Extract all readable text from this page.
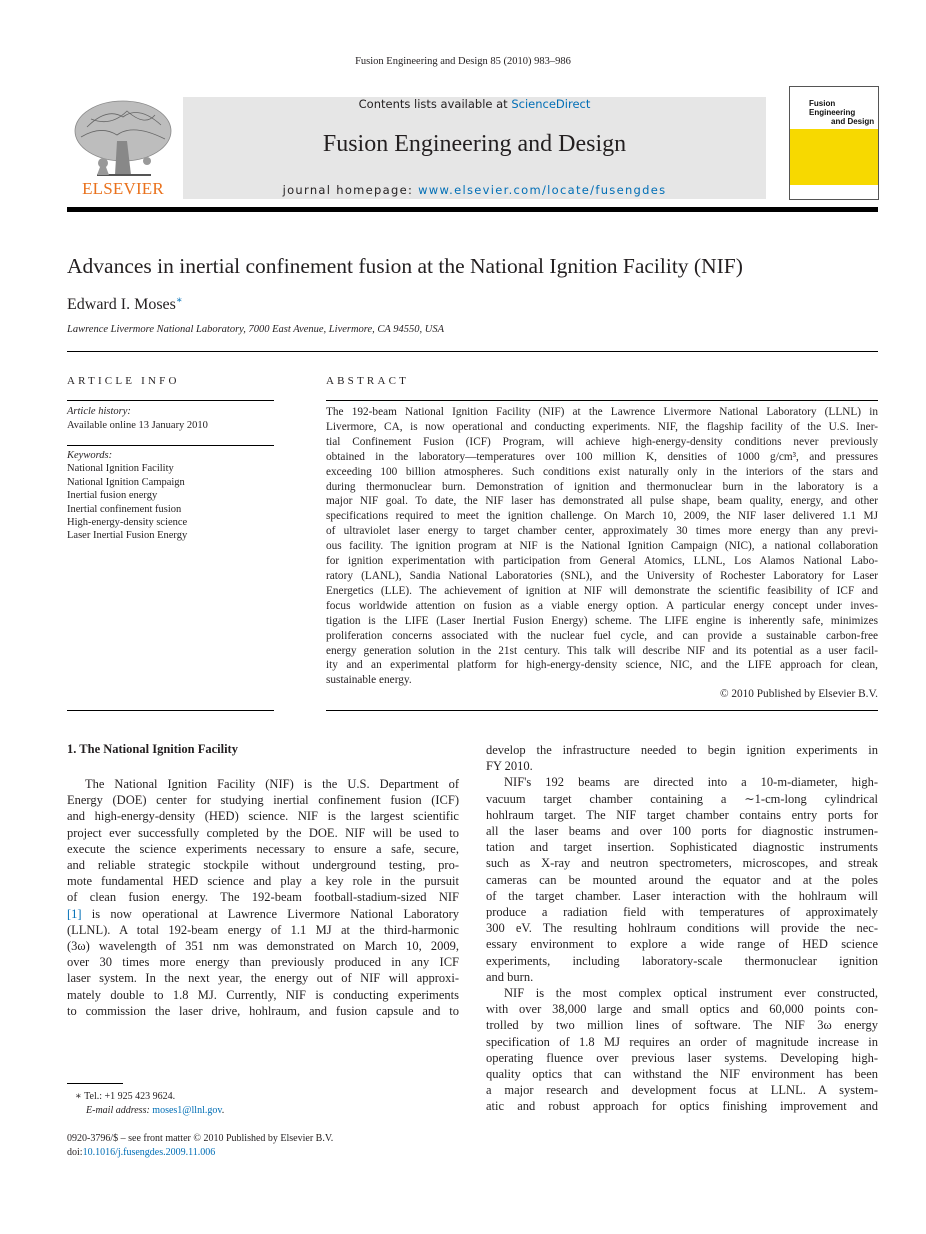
Fusion Engineering and Design 85 (2010) 983–986
ELSEVIER
Contents lists available at ScienceDirect
Fusion Engineering and Design
journal homepage: www.elsevier.com/locate/fusengdes
Fusion Engineering
and Design
Advances in inertial confinement fusion at the National Ignition Facility (NIF)
Edward I. Moses∗
Lawrence Livermore National Laboratory, 7000 East Avenue, Livermore, CA 94550, USA
ARTICLE INFO	ABSTRACT
Article history:
Available online 13 January 2010
Keywords:
National Ignition Facility
National Ignition Campaign
Inertial fusion energy
Inertial confinement fusion
High-energy-density science
Laser Inertial Fusion Energy
The 192-beam National Ignition Facility (NIF) at the Lawrence Livermore National Laboratory (LLNL) in
Livermore, CA, is now operational and conducting experiments. NIF, the flagship facility of the U.S. Iner-
tial Confinement Fusion (ICF) Program, will achieve high-energy-density conditions never previously
obtained in the laboratory—temperatures over 100 million K, densities of 1000 g/cm³, and pressures
exceeding 100 billion atmospheres. Such conditions exist naturally only in the interiors of the stars and
during thermonuclear burn. Demonstration of ignition and thermonuclear burn in the laboratory is a
major NIF goal. To date, the NIF laser has demonstrated all pulse shape, beam quality, energy, and other
specifications required to meet the ignition challenge. On March 10, 2009, the NIF laser delivered 1.1 MJ
of ultraviolet laser energy to target chamber center, approximately 30 times more energy than any previ-
ous facility. The ignition program at NIF is the National Ignition Campaign (NIC), a national collaboration
for ignition experimentation with participation from General Atomics, LLNL, Los Alamos National Labo-
ratory (LANL), Sandia National Laboratories (SNL), and the University of Rochester Laboratory for Laser
Energetics (LLE). The achievement of ignition at NIF will demonstrate the scientific feasibility of ICF and
focus worldwide attention on fusion as a viable energy option. A particular energy concept under inves-
tigation is the LIFE (Laser Inertial Fusion Energy) scheme. The LIFE engine is inherently safe, minimizes
proliferation concerns associated with the nuclear fuel cycle, and can provide a sustainable carbon-free
energy generation solution in the 21st century. This talk will describe NIF and its potential as a user facil-
ity and an experimental platform for high-energy-density science, NIC, and the LIFE approach for clean,
sustainable energy.
© 2010 Published by Elsevier B.V.
1. The National Ignition Facility
The National Ignition Facility (NIF) is the U.S. Department of
Energy (DOE) center for studying inertial confinement fusion (ICF)
and high-energy-density (HED) science. NIF is the largest scientific
project ever successfully completed by the DOE. NIF will be used to
execute the science experiments necessary to ensure a safe, secure,
and reliable strategic stockpile without underground testing, pro-
mote fundamental HED science and play a key role in the pursuit
of clean fusion energy. The 192-beam football-stadium-sized NIF
[1] is now operational at Lawrence Livermore National Laboratory
(LLNL). A total 192-beam energy of 1.1 MJ at the third-harmonic
(3ω) wavelength of 351 nm was demonstrated on March 10, 2009,
over 30 times more energy than previously produced in any ICF
laser system. In the next year, the energy out of NIF will approxi-
mately double to 1.8 MJ. Currently, NIF is conducting experiments
to commission the laser drive, hohlraum, and fusion capsule and to
develop the infrastructure needed to begin ignition experiments in
FY 2010.
NIF's 192 beams are directed into a 10-m-diameter, high-
vacuum target chamber containing a ∼1-cm-long cylindrical
hohlraum target. The NIF target chamber contains entry ports for
all the laser beams and over 100 ports for diagnostic instrumen-
tation and target insertion. Sophisticated diagnostic instruments
such as X-ray and neutron spectrometers, microscopes, and streak
cameras can be mounted around the equator and at the poles
of the target chamber. Laser interaction with the hohlraum will
produce a radiation field with temperatures of approximately
300 eV. The resulting hohlraum conditions will provide the nec-
essary environment to explore a wide range of HED science
experiments, including laboratory-scale thermonuclear ignition
and burn.
NIF is the most complex optical instrument ever constructed,
with over 38,000 large and small optics and 60,000 points con-
trolled by two million lines of software. The NIF 3ω energy
specification of 1.8 MJ requires an order of magnitude increase in
operating fluence over previous laser systems. Developing high-
quality optics that can withstand the NIF environment has been
a major research and development focus at LLNL. A system-
atic and robust approach for optics finishing improvement and
∗ Tel.: +1 925 423 9624.
E-mail address: moses1@llnl.gov.
0920-3796/$ – see front matter © 2010 Published by Elsevier B.V.
doi:10.1016/j.fusengdes.2009.11.006
